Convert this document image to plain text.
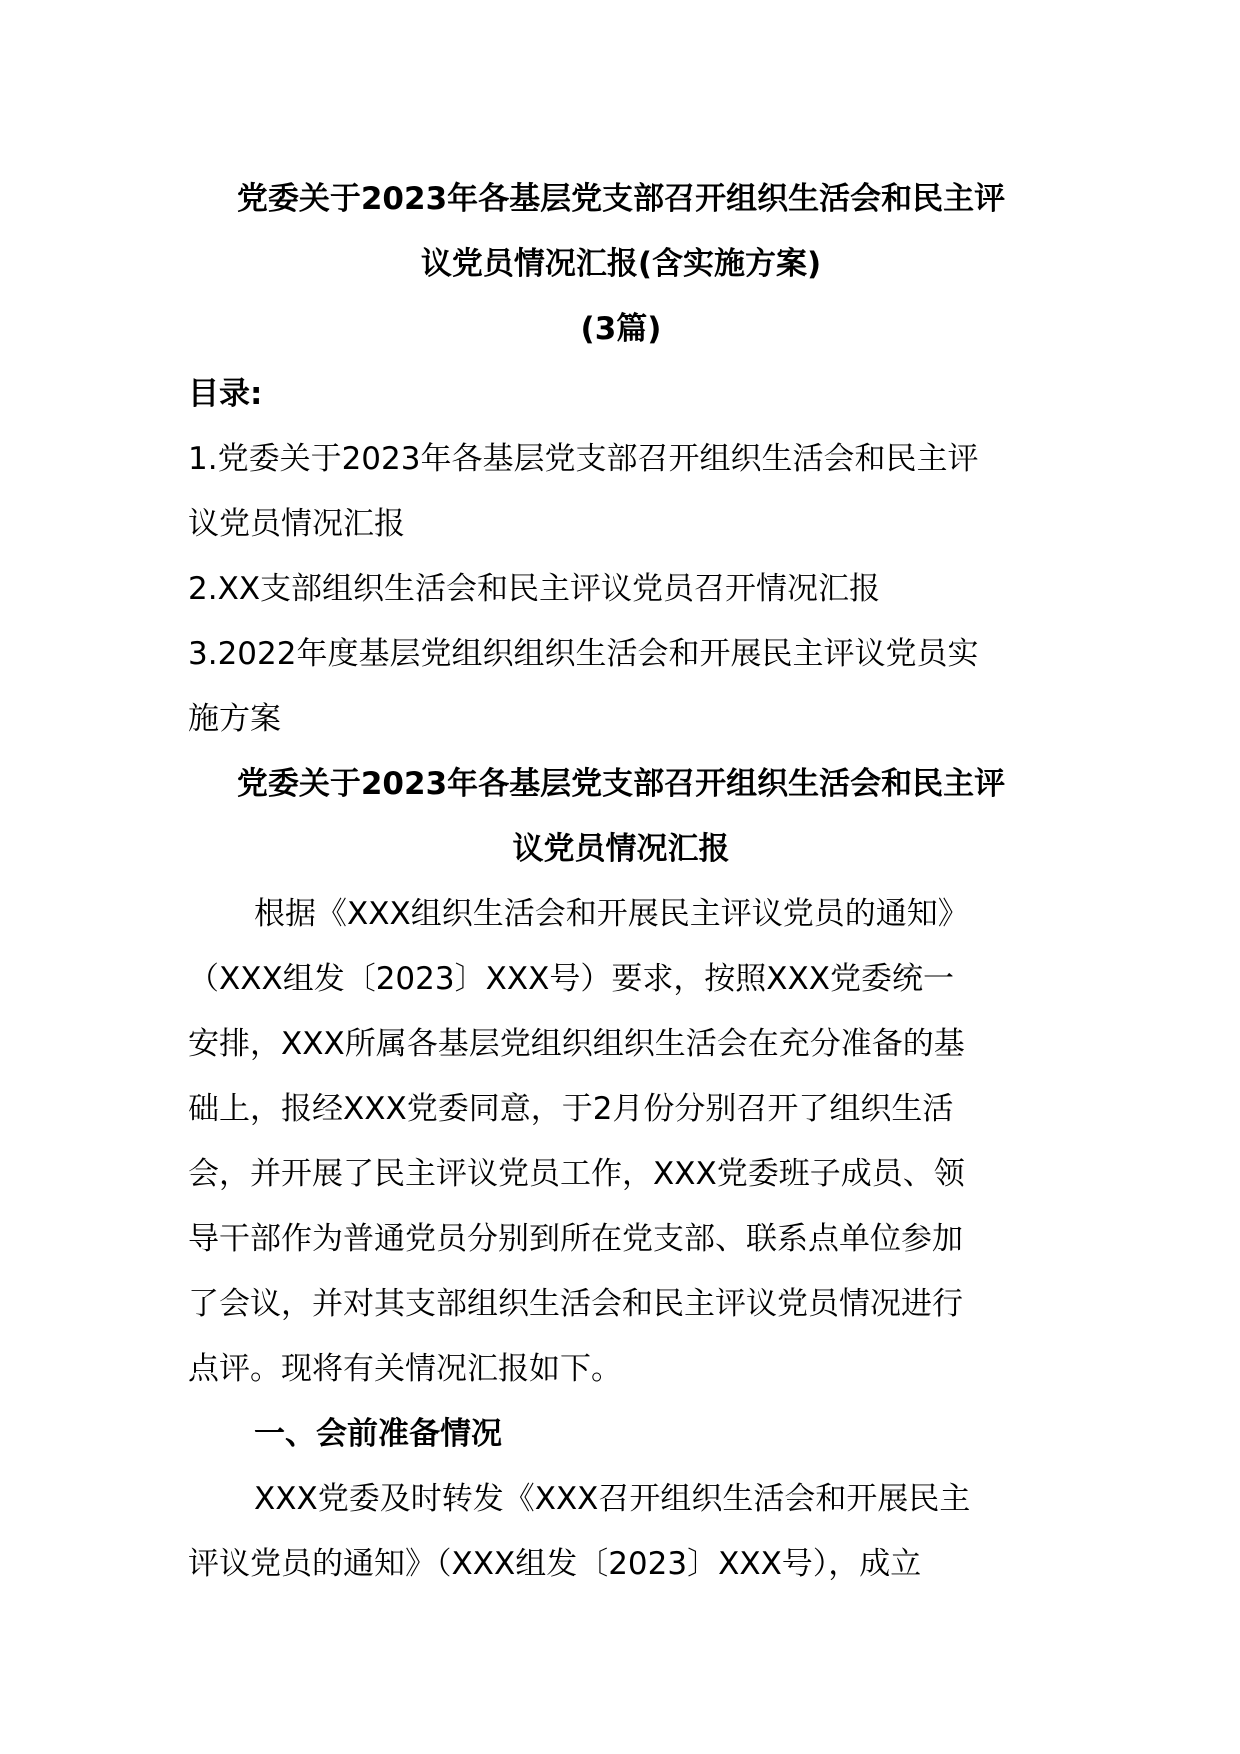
党委关于2023年各基层党支部召开组织生活会和民主评
议党员情况汇报(含实施方案)
(3篇)
目录:
1.党委关于2023年各基层党支部召开组织生活会和民主评
议党员情况汇报
2.XX支部组织生活会和民主评议党员召开情况汇报
3.2022年度基层党组织组织生活会和开展民主评议党员实
施方案
党委关于2023年各基层党支部召开组织生活会和民主评
议党员情况汇报
根据《XXX组织生活会和开展民主评议党员的通知》
（XXX组发〔2023〕XXX号）要求，按照XXX党委统一
安排，XXX所属各基层党组织组织生活会在充分准备的基
础上，报经XXX党委同意，于2月份分别召开了组织生活
会，并开展了民主评议党员工作，XXX党委班子成员、领
导干部作为普通党员分别到所在党支部、联系点单位参加
了会议，并对其支部组织生活会和民主评议党员情况进行
点评。现将有关情况汇报如下。
一、会前准备情况
XXX党委及时转发《XXX召开组织生活会和开展民主
评议党员的通知》（XXX组发〔2023〕XXX号），成立
